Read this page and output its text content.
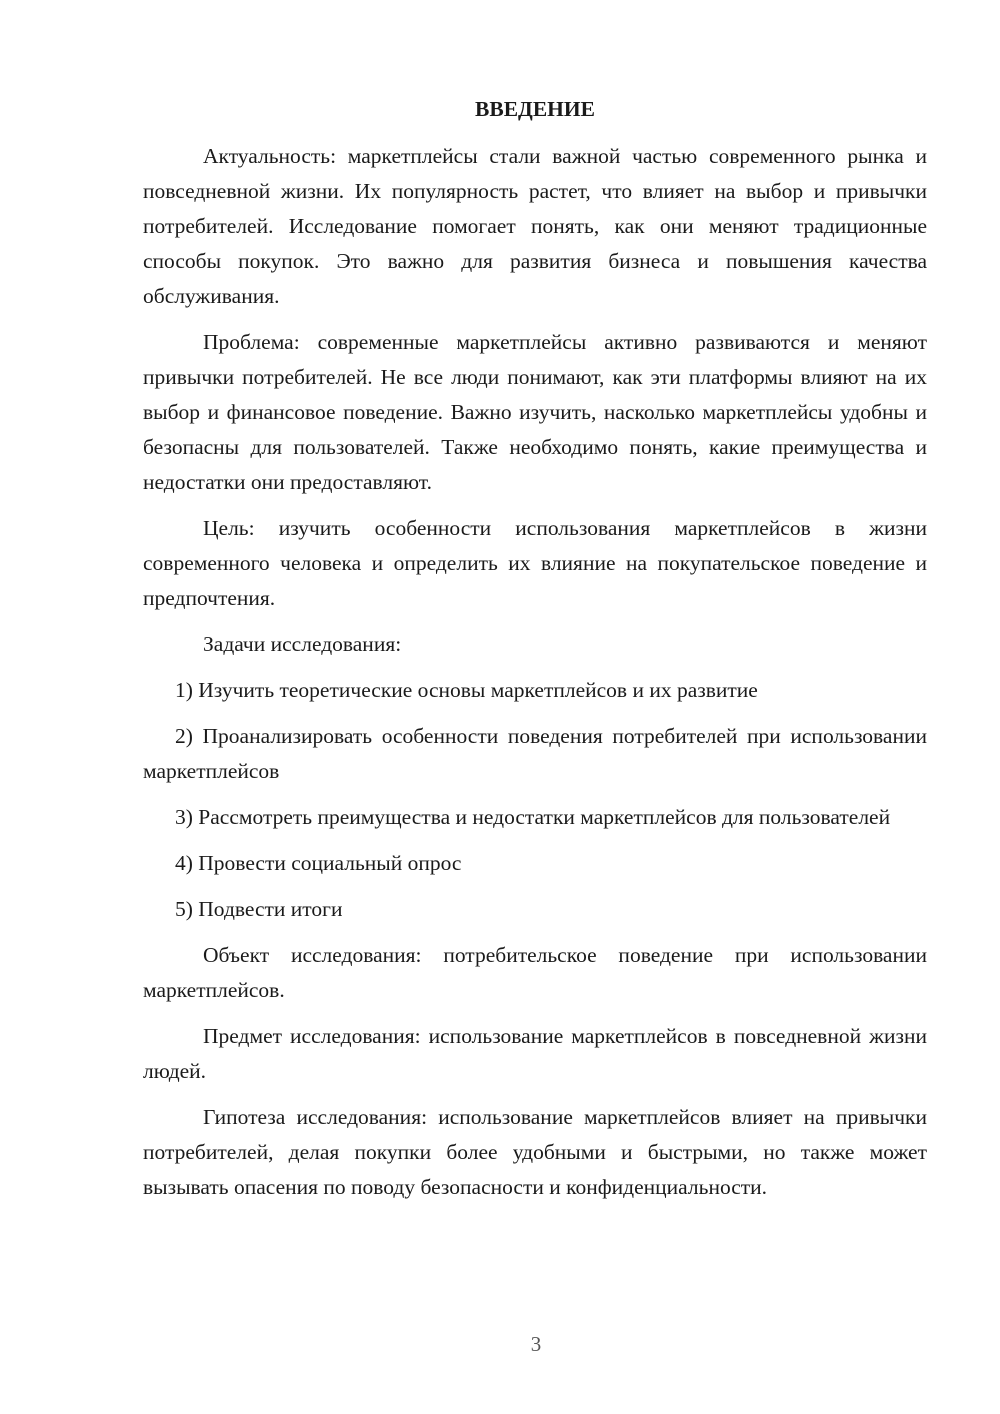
ВВЕДЕНИЕ

Актуальность: маркетплейсы стали важной частью современного рынка и повседневной жизни. Их популярность растет, что влияет на выбор и привычки потребителей. Исследование помогает понять, как они меняют традиционные способы покупок. Это важно для развития бизнеса и повышения качества обслуживания.

Проблема: современные маркетплейсы активно развиваются и меняют привычки потребителей. Не все люди понимают, как эти платформы влияют на их выбор и финансовое поведение. Важно изучить, насколько маркетплейсы удобны и безопасны для пользователей. Также необходимо понять, какие преимущества и недостатки они предоставляют.

Цель: изучить особенности использования маркетплейсов в жизни современного человека и определить их влияние на покупательское поведение и предпочтения.

Задачи исследования:

1) Изучить теоретические основы маркетплейсов и их развитие

2) Проанализировать особенности поведения потребителей при использовании маркетплейсов

3) Рассмотреть преимущества и недостатки маркетплейсов для пользователей

4) Провести социальный опрос

5) Подвести итоги

Объект исследования: потребительское поведение при использовании маркетплейсов.

Предмет исследования: использование маркетплейсов в повседневной жизни людей.

Гипотеза исследования: использование маркетплейсов влияет на привычки потребителей, делая покупки более удобными и быстрыми, но также может вызывать опасения по поводу безопасности и конфиденциальности.

3
